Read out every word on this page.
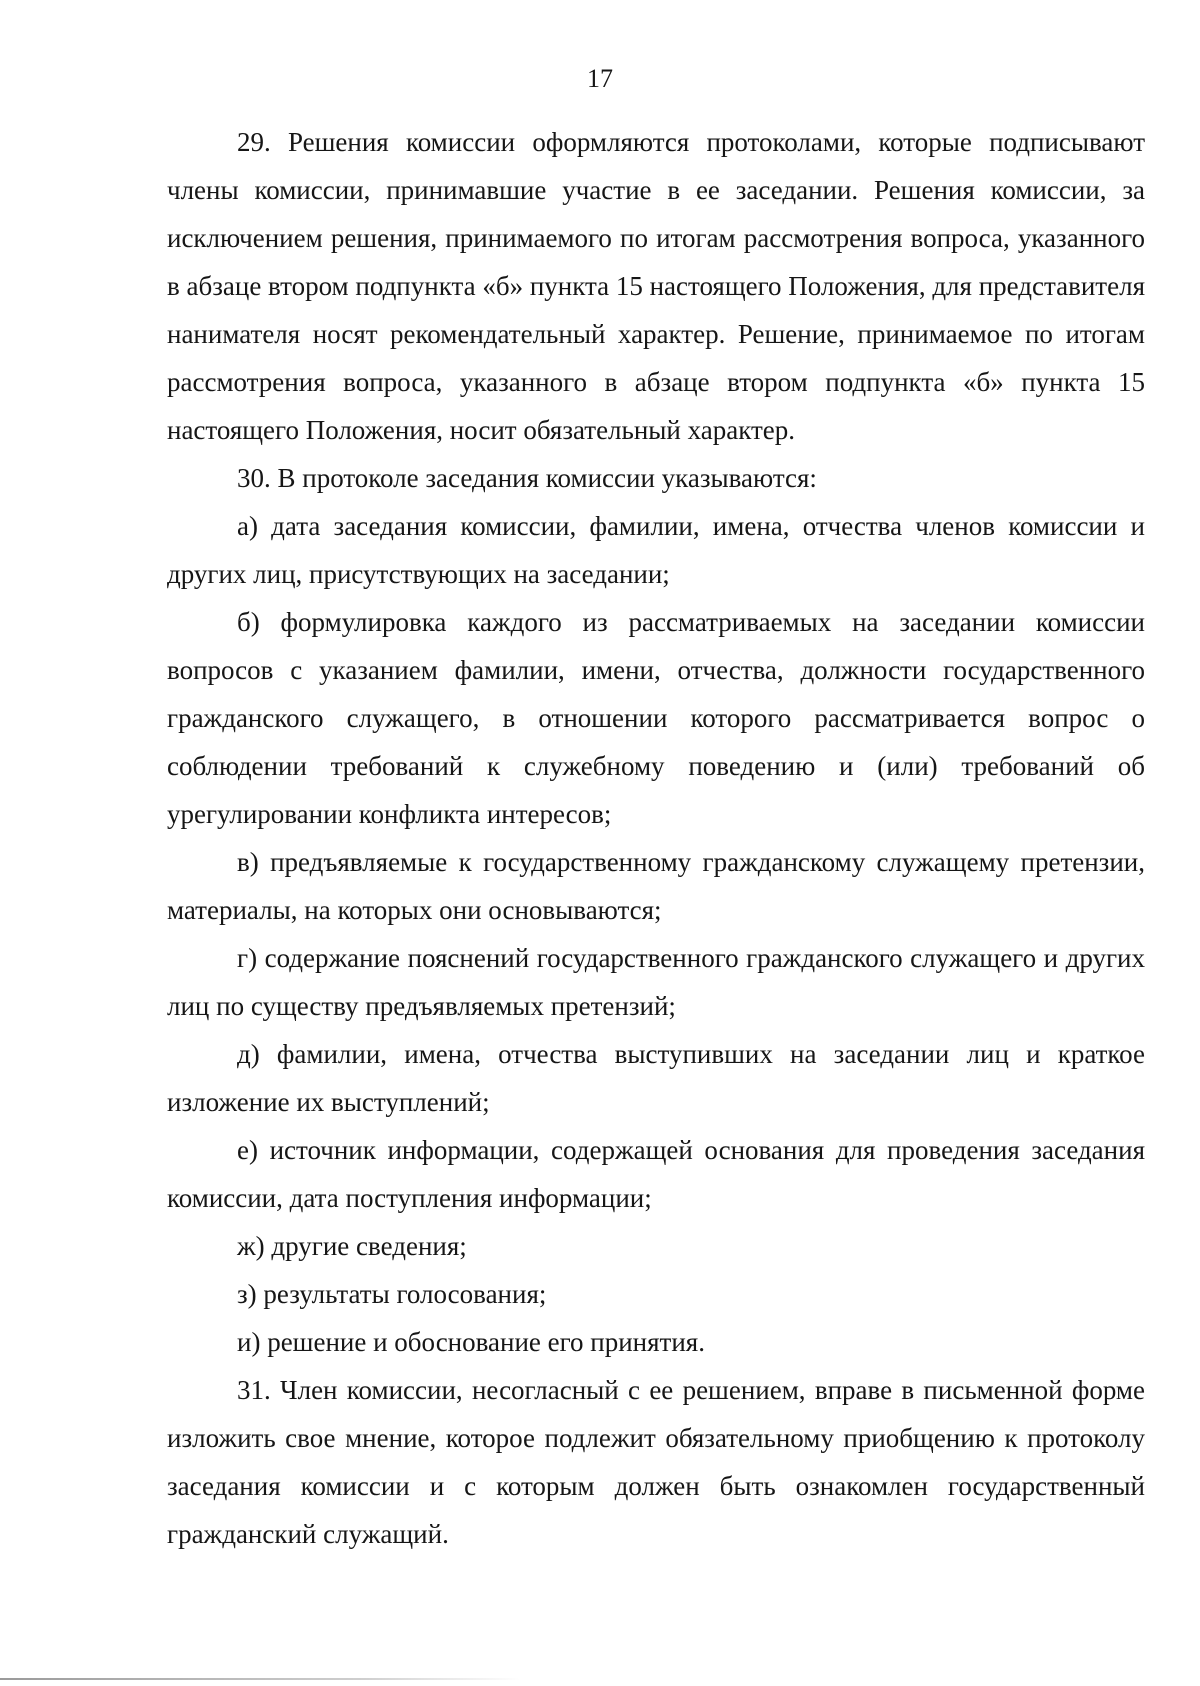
17

29. Решения комиссии оформляются протоколами, которые подписывают члены комиссии, принимавшие участие в ее заседании. Решения комиссии, за исключением решения, принимаемого по итогам рассмотрения вопроса, указанного в абзаце втором подпункта «б» пункта 15 настоящего Положения, для представителя нанимателя носят рекомендательный характер. Решение, принимаемое по итогам рассмотрения вопроса, указанного в абзаце втором подпункта «б» пункта 15 настоящего Положения, носит обязательный характер.

30. В протоколе заседания комиссии указываются:

а) дата заседания комиссии, фамилии, имена, отчества членов комиссии и других лиц, присутствующих на заседании;

б) формулировка каждого из рассматриваемых на заседании комиссии вопросов с указанием фамилии, имени, отчества, должности государственного гражданского служащего, в отношении которого рассматривается вопрос о соблюдении требований к служебному поведению и (или) требований об урегулировании конфликта интересов;

в) предъявляемые к государственному гражданскому служащему претензии, материалы, на которых они основываются;

г) содержание пояснений государственного гражданского служащего и других лиц по существу предъявляемых претензий;

д) фамилии, имена, отчества выступивших на заседании лиц и краткое изложение их выступлений;

е) источник информации, содержащей основания для проведения заседания комиссии, дата поступления информации;

ж) другие сведения;

з) результаты голосования;

и) решение и обоснование его принятия.

31. Член комиссии, несогласный с ее решением, вправе в письменной форме изложить свое мнение, которое подлежит обязательному приобщению к протоколу заседания комиссии и с которым должен быть ознакомлен государственный гражданский служащий.
